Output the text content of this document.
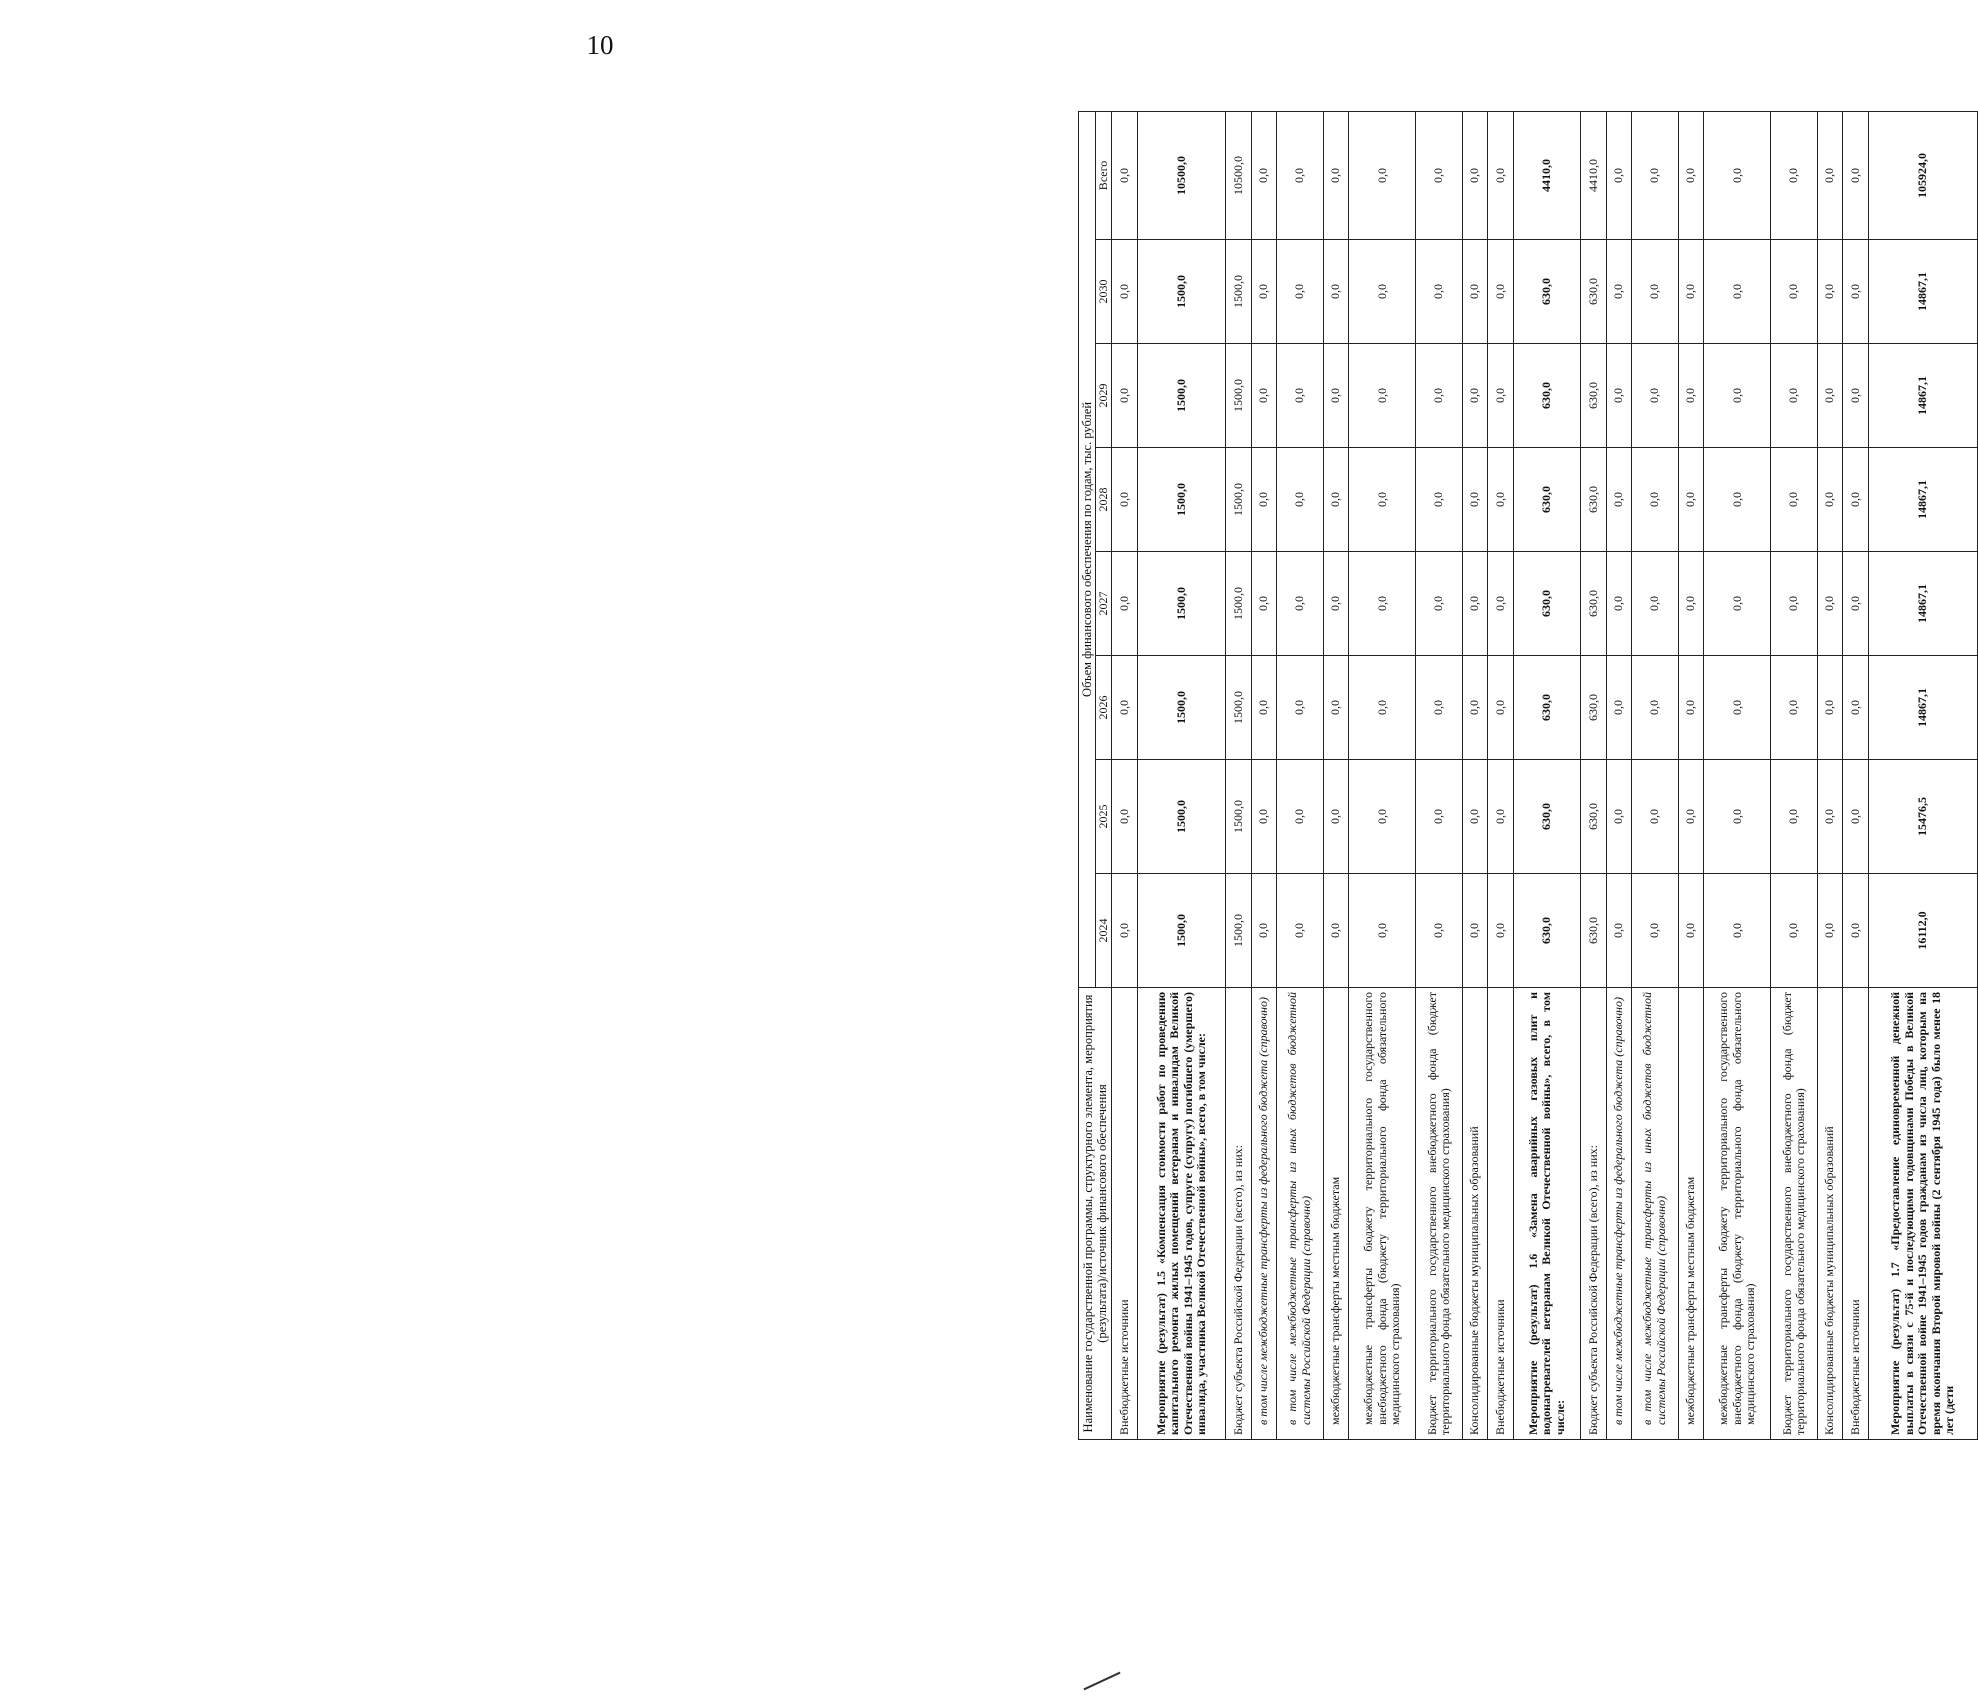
10
Наименование государственной программы, структурного элемента, мероприятия (результата)/источник финансового обеспечения	Объем финансового обеспечения по годам, тыс. рублей							
	2024	2025	2026	2027	2028	2029	2030	Всего
Внебюджетные источники	0,0	0,0	0,0	0,0	0,0	0,0	0,0	0,0
Мероприятие (результат) 1.5 «Компенсация стоимости работ по проведению капитального ремонта жилых помещений ветеранам и инвалидам Великой Отечественной войны 1941–1945 годов, супруге (супругу) погибшего (умершего) инвалида, участника Великой Отечественной войны», всего, в том числе:	1500,0	1500,0	1500,0	1500,0	1500,0	1500,0	1500,0	10500,0
Бюджет субъекта Российской Федерации (всего), из них:	1500,0	1500,0	1500,0	1500,0	1500,0	1500,0	1500,0	10500,0
в том числе межбюджетные трансферты из федерального бюджета (справочно)	0,0	0,0	0,0	0,0	0,0	0,0	0,0	0,0
в том числе межбюджетные трансферты из иных бюджетов бюджетной системы Российской Федерации (справочно)	0,0	0,0	0,0	0,0	0,0	0,0	0,0	0,0
межбюджетные трансферты местным бюджетам	0,0	0,0	0,0	0,0	0,0	0,0	0,0	0,0
межбюджетные трансферты бюджету территориального государственного внебюджетного фонда (бюджету территориального фонда обязательного медицинского страхования)	0,0	0,0	0,0	0,0	0,0	0,0	0,0	0,0
Бюджет территориального государственного внебюджетного фонда (бюджет территориального фонда обязательного медицинского страхования)	0,0	0,0	0,0	0,0	0,0	0,0	0,0	0,0
Консолидированные бюджеты муниципальных образований	0,0	0,0	0,0	0,0	0,0	0,0	0,0	0,0
Внебюджетные источники	0,0	0,0	0,0	0,0	0,0	0,0	0,0	0,0
Мероприятие (результат) 1.6 «Замена аварийных газовых плит и водонагревателей ветеранам Великой Отечественной войны», всего, в том числе:	630,0	630,0	630,0	630,0	630,0	630,0	630,0	4410,0
Бюджет субъекта Российской Федерации (всего), из них:	630,0	630,0	630,0	630,0	630,0	630,0	630,0	4410,0
в том числе межбюджетные трансферты из федерального бюджета (справочно)	0,0	0,0	0,0	0,0	0,0	0,0	0,0	0,0
в том числе межбюджетные трансферты из иных бюджетов бюджетной системы Российской Федерации (справочно)	0,0	0,0	0,0	0,0	0,0	0,0	0,0	0,0
межбюджетные трансферты местным бюджетам	0,0	0,0	0,0	0,0	0,0	0,0	0,0	0,0
межбюджетные трансферты бюджету территориального государственного внебюджетного фонда (бюджету территориального фонда обязательного медицинского страхования)	0,0	0,0	0,0	0,0	0,0	0,0	0,0	0,0
Бюджет территориального государственного внебюджетного фонда (бюджет территориального фонда обязательного медицинского страхования)	0,0	0,0	0,0	0,0	0,0	0,0	0,0	0,0
Консолидированные бюджеты муниципальных образований	0,0	0,0	0,0	0,0	0,0	0,0	0,0	0,0
Внебюджетные источники	0,0	0,0	0,0	0,0	0,0	0,0	0,0	0,0
Мероприятие (результат) 1.7 «Предоставление единовременной денежной выплаты в связи с 75-й и последующими годовщинами Победы в Великой Отечественной войне 1941–1945 годов гражданам из числа лиц, которым на время окончания Второй мировой войны (2 сентября 1945 года) было менее 18 лет (дети	16112,0	15476,5	14867,1	14867,1	14867,1	14867,1	14867,1	105924,0
